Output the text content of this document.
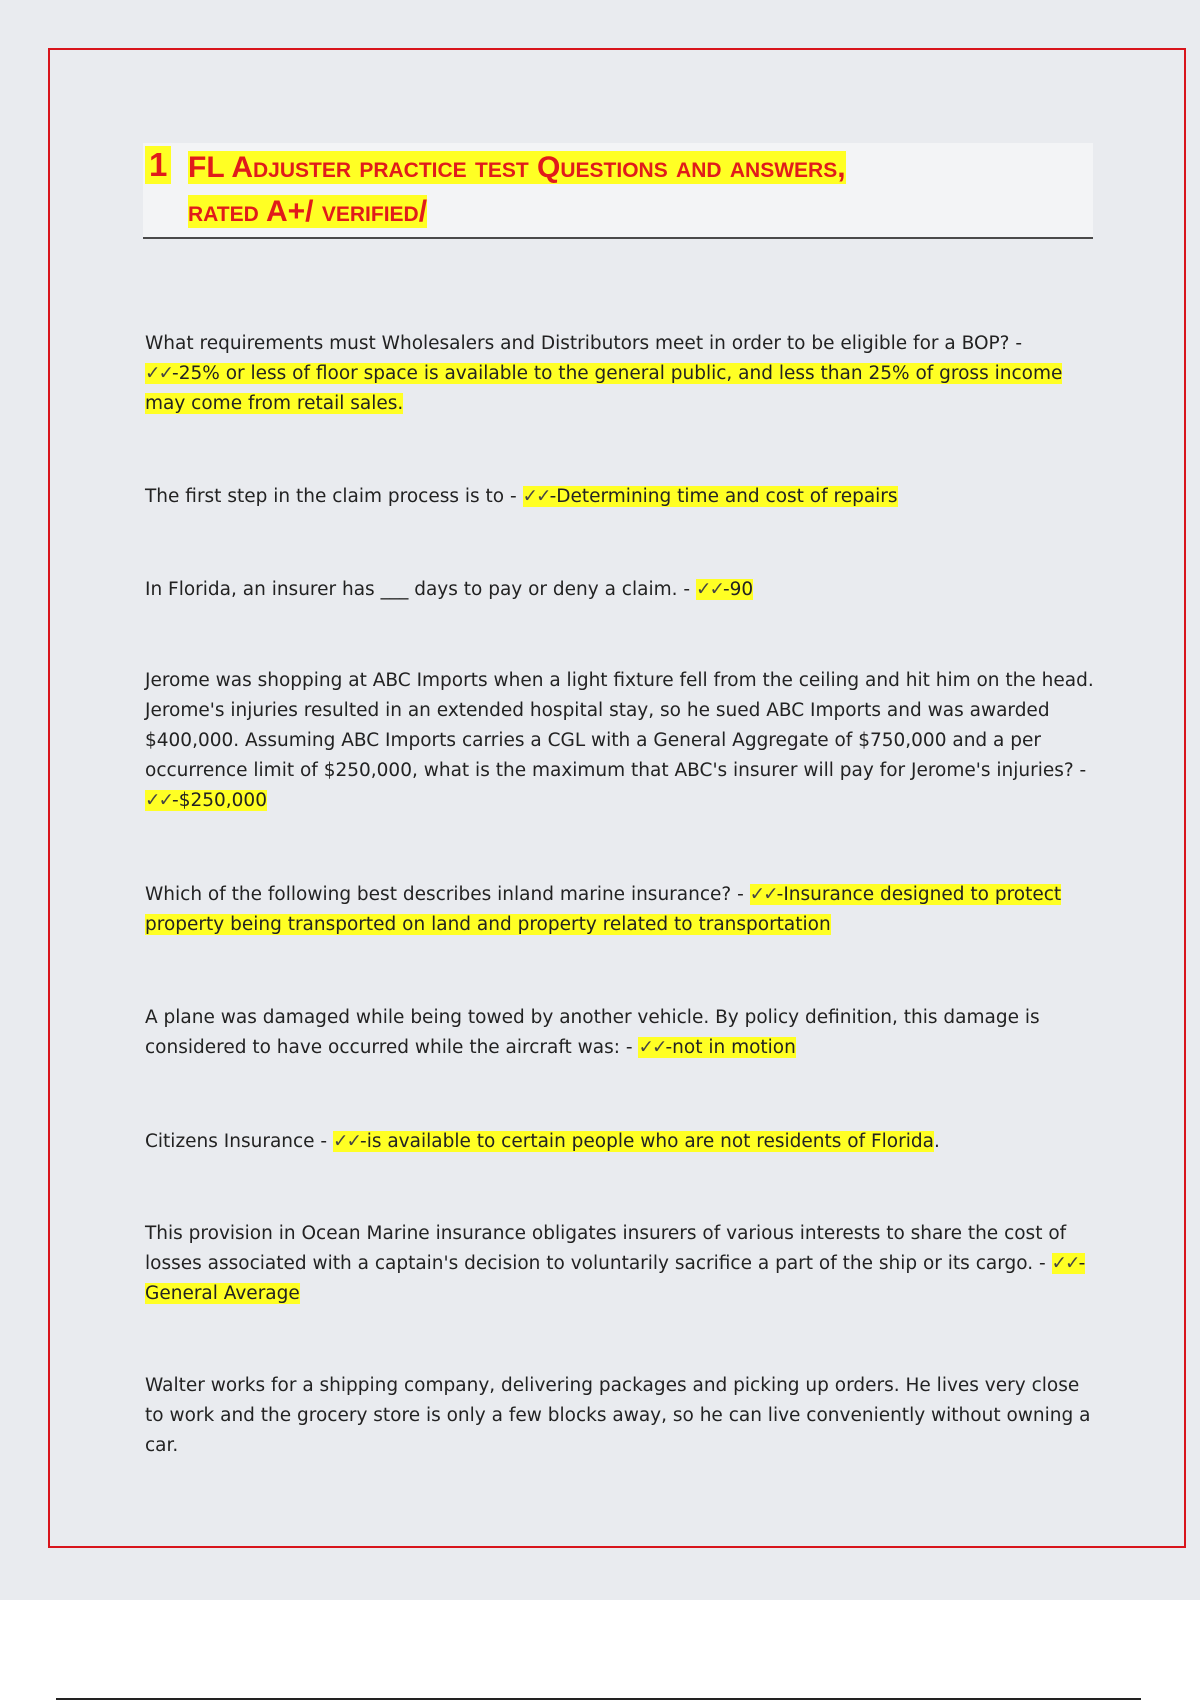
1 FL Adjuster practice test Questions and answers,
rated A+/ verified/
What requirements must Wholesalers and Distributors meet in order to be eligible for a BOP? - ✓✓-25% or less of floor space is available to the general public, and less than 25% of gross income may come from retail sales.
The first step in the claim process is to - ✓✓-Determining time and cost of repairs
In Florida, an insurer has ___ days to pay or deny a claim. - ✓✓-90
Jerome was shopping at ABC Imports when a light fixture fell from the ceiling and hit him on the head. Jerome's injuries resulted in an extended hospital stay, so he sued ABC Imports and was awarded $400,000. Assuming ABC Imports carries a CGL with a General Aggregate of $750,000 and a per occurrence limit of $250,000, what is the maximum that ABC's insurer will pay for Jerome's injuries? - ✓✓-$250,000
Which of the following best describes inland marine insurance? - ✓✓-Insurance designed to protect property being transported on land and property related to transportation
A plane was damaged while being towed by another vehicle. By policy definition, this damage is considered to have occurred while the aircraft was: - ✓✓-not in motion
Citizens Insurance - ✓✓-is available to certain people who are not residents of Florida.
This provision in Ocean Marine insurance obligates insurers of various interests to share the cost of losses associated with a captain's decision to voluntarily sacrifice a part of the ship or its cargo. - ✓✓-General Average
Walter works for a shipping company, delivering packages and picking up orders. He lives very close to work and the grocery store is only a few blocks away, so he can live conveniently without owning a car.
